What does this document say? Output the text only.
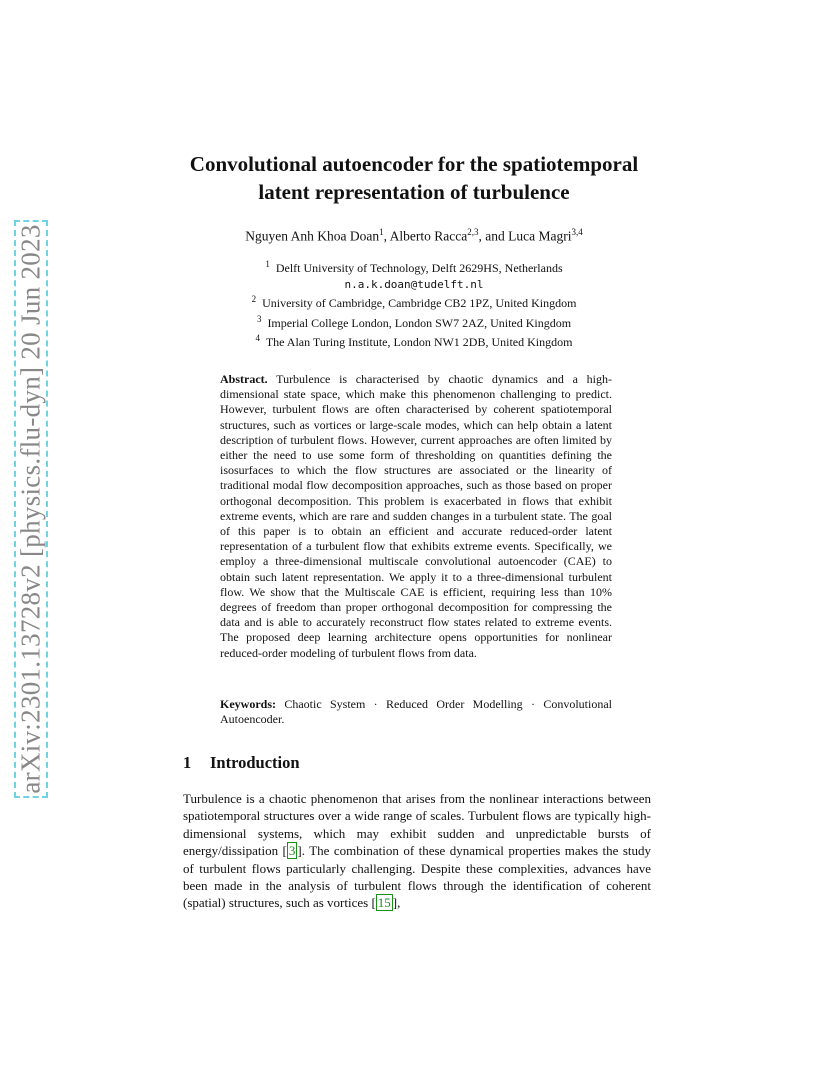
arXiv:2301.13728v2 [physics.flu-dyn] 20 Jun 2023
Convolutional autoencoder for the spatiotemporal
latent representation of turbulence
Nguyen Anh Khoa Doan$^1$, Alberto Racca$^{2,3}$, and Luca Magri$^{3,4}$
$^1$ Delft University of Technology, Delft 2629HS, Netherlands
n.a.k.doan@tudelft.nl
$^2$ University of Cambridge, Cambridge CB2 1PZ, United Kingdom
$^3$ Imperial College London, London SW7 2AZ, United Kingdom
$^4$ The Alan Turing Institute, London NW1 2DB, United Kingdom
Abstract. Turbulence is characterised by chaotic dynamics and a high-dimensional state space, which make this phenomenon challenging to predict. However, turbulent flows are often characterised by coherent spatiotemporal structures, such as vortices or large-scale modes, which can help obtain a latent description of turbulent flows. However, current approaches are often limited by either the need to use some form of thresholding on quantities defining the isosurfaces to which the flow structures are associated or the linearity of traditional modal flow decomposition approaches, such as those based on proper orthogonal decomposition. This problem is exacerbated in flows that exhibit extreme events, which are rare and sudden changes in a turbulent state. The goal of this paper is to obtain an efficient and accurate reduced-order latent representation of a turbulent flow that exhibits extreme events. Specifically, we employ a three-dimensional multiscale convolutional autoencoder (CAE) to obtain such latent representation. We apply it to a three-dimensional turbulent flow. We show that the Multiscale CAE is efficient, requiring less than 10% degrees of freedom than proper orthogonal decomposition for compressing the data and is able to accurately reconstruct flow states related to extreme events. The proposed deep learning architecture opens opportunities for nonlinear reduced-order modeling of turbulent flows from data.
Keywords: Chaotic System · Reduced Order Modelling · Convolutional Autoencoder.
1 Introduction
Turbulence is a chaotic phenomenon that arises from the nonlinear interactions between spatiotemporal structures over a wide range of scales. Turbulent flows are typically high-dimensional systems, which may exhibit sudden and unpredictable bursts of energy/dissipation [ 3 ]. The combination of these dynamical properties makes the study of turbulent flows particularly challenging. Despite these complexities, advances have been made in the analysis of turbulent flows through the identification of coherent (spatial) structures, such as vortices [ 15 ],
